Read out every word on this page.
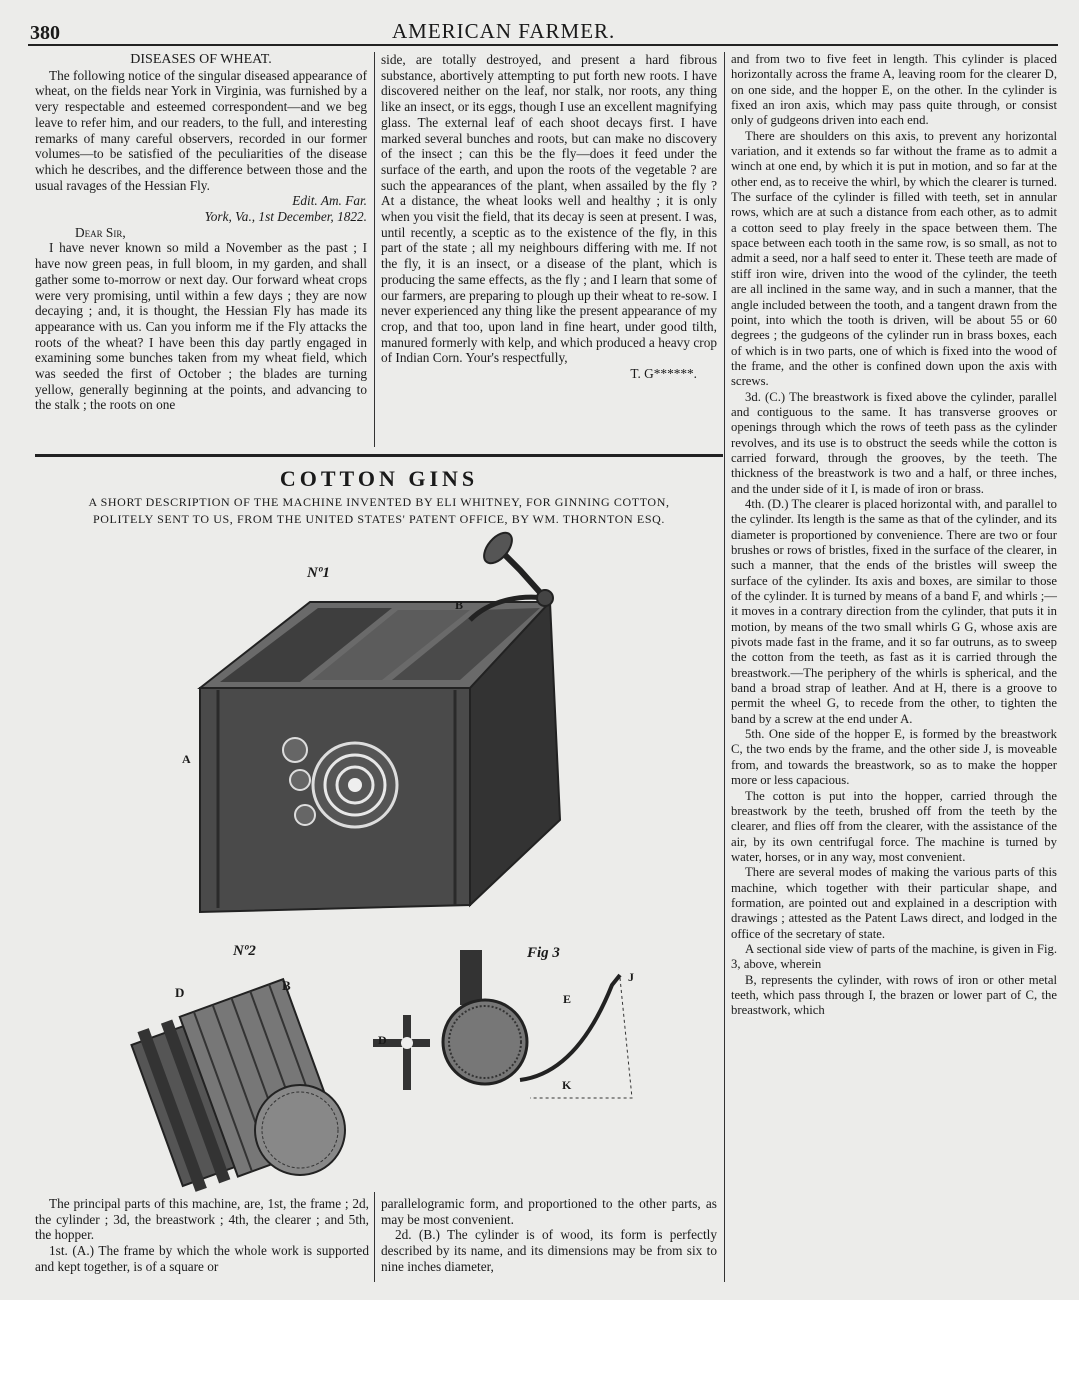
380	AMERICAN FARMER.

DISEASES OF WHEAT.

The following notice of the singular diseased appearance of wheat, on the fields near York in Virginia, was furnished by a very respectable and esteemed correspondent—and we beg leave to refer him, and our readers, to the full, and interesting remarks of many careful observers, recorded in our former volumes—to be satisfied of the peculiarities of the disease which he describes, and the difference between those and the usual ravages of the Hessian Fly.

Edit. Am. Far.

York, Va., 1st December, 1822.

Dear Sir,

I have never known so mild a November as the past ; I have now green peas, in full bloom, in my garden, and shall gather some to-morrow or next day. Our forward wheat crops were very promising, until within a few days ; they are now decaying ; and, it is thought, the Hessian Fly has made its appearance with us. Can you inform me if the Fly attacks the roots of the wheat? I have been this day partly engaged in examining some bunches taken from my wheat field, which was seeded the first of October ; the blades are turning yellow, generally beginning at the points, and advancing to the stalk ; the roots on one

side, are totally destroyed, and present a hard fibrous substance, abortively attempting to put forth new roots. I have discovered neither on the leaf, nor stalk, nor roots, any thing like an insect, or its eggs, though I use an excellent magnifying glass. The external leaf of each shoot decays first. I have marked several bunches and roots, but can make no discovery of the insect ; can this be the fly—does it feed under the surface of the earth, and upon the roots of the vegetable ? are such the appearances of the plant, when assailed by the fly ? At a distance, the wheat looks well and healthy ; it is only when you visit the field, that its decay is seen at present. I was, until recently, a sceptic as to the existence of the fly, in this part of the state ; all my neighbours differing with me. If not the fly, it is an insect, or a disease of the plant, which is producing the same effects, as the fly ; and I learn that some of our farmers, are preparing to plough up their wheat to re-sow. I never experienced any thing like the present appearance of my crop, and that too, upon land in fine heart, under good tilth, manured formerly with kelp, and which produced a heavy crop of Indian Corn. Your's respectfully,

T. G******.

COTTON GINS
A SHORT DESCRIPTION OF THE MACHINE INVENTED BY ELI WHITNEY, FOR GINNING COTTON,
POLITELY SENT TO US, FROM THE UNITED STATES' PATENT OFFICE, BY WM. THORNTON ESQ.
Nº1
Nº2	Fig 3
A
B
D	B
D
E
J
K

The principal parts of this machine, are, 1st, the frame ; 2d, the cylinder ; 3d, the breastwork ; 4th, the clearer ; and 5th, the hopper.

1st. (A.) The frame by which the whole work is supported and kept together, is of a square or

parallelogramic form, and proportioned to the other parts, as may be most convenient.

2d. (B.) The cylinder is of wood, its form is perfectly described by its name, and its dimensions may be from six to nine inches diameter,

and from two to five feet in length. This cylinder is placed horizontally across the frame A, leaving room for the clearer D, on one side, and the hopper E, on the other. In the cylinder is fixed an iron axis, which may pass quite through, or consist only of gudgeons driven into each end.

There are shoulders on this axis, to prevent any horizontal variation, and it extends so far without the frame as to admit a winch at one end, by which it is put in motion, and so far at the other end, as to receive the whirl, by which the clearer is turned. The surface of the cylinder is filled with teeth, set in annular rows, which are at such a distance from each other, as to admit a cotton seed to play freely in the space between them. The space between each tooth in the same row, is so small, as not to admit a seed, nor a half seed to enter it. These teeth are made of stiff iron wire, driven into the wood of the cylinder, the teeth are all inclined in the same way, and in such a manner, that the angle included between the tooth, and a tangent drawn from the point, into which the tooth is driven, will be about 55 or 60 degrees ; the gudgeons of the cylinder run in brass boxes, each of which is in two parts, one of which is fixed into the wood of the frame, and the other is confined down upon the axis with screws.

3d. (C.) The breastwork is fixed above the cylinder, parallel and contiguous to the same. It has transverse grooves or openings through which the rows of teeth pass as the cylinder revolves, and its use is to obstruct the seeds while the cotton is carried forward, through the grooves, by the teeth. The thickness of the breastwork is two and a half, or three inches, and the under side of it I, is made of iron or brass.

4th. (D.) The clearer is placed horizontal with, and parallel to the cylinder. Its length is the same as that of the cylinder, and its diameter is proportioned by convenience. There are two or four brushes or rows of bristles, fixed in the surface of the clearer, in such a manner, that the ends of the bristles will sweep the surface of the cylinder. Its axis and boxes, are similar to those of the cylinder. It is turned by means of a band F, and whirls ;—it moves in a contrary direction from the cylinder, that puts it in motion, by means of the two small whirls G G, whose axis are pivots made fast in the frame, and it so far outruns, as to sweep the cotton from the teeth, as fast as it is carried through the breastwork.—The periphery of the whirls is spherical, and the band a broad strap of leather. And at H, there is a groove to permit the wheel G, to recede from the other, to tighten the band by a screw at the end under A.

5th. One side of the hopper E, is formed by the breastwork C, the two ends by the frame, and the other side J, is moveable from, and towards the breastwork, so as to make the hopper more or less capacious.

The cotton is put into the hopper, carried through the breastwork by the teeth, brushed off from the teeth by the clearer, and flies off from the clearer, with the assistance of the air, by its own centrifugal force. The machine is turned by water, horses, or in any way, most convenient.

There are several modes of making the various parts of this machine, which together with their particular shape, and formation, are pointed out and explained in a description with drawings ; attested as the Patent Laws direct, and lodged in the office of the secretary of state.

A sectional side view of parts of the machine, is given in Fig. 3, above, wherein

B, represents the cylinder, with rows of iron or other metal teeth, which pass through I, the brazen or lower part of C, the breastwork, which
